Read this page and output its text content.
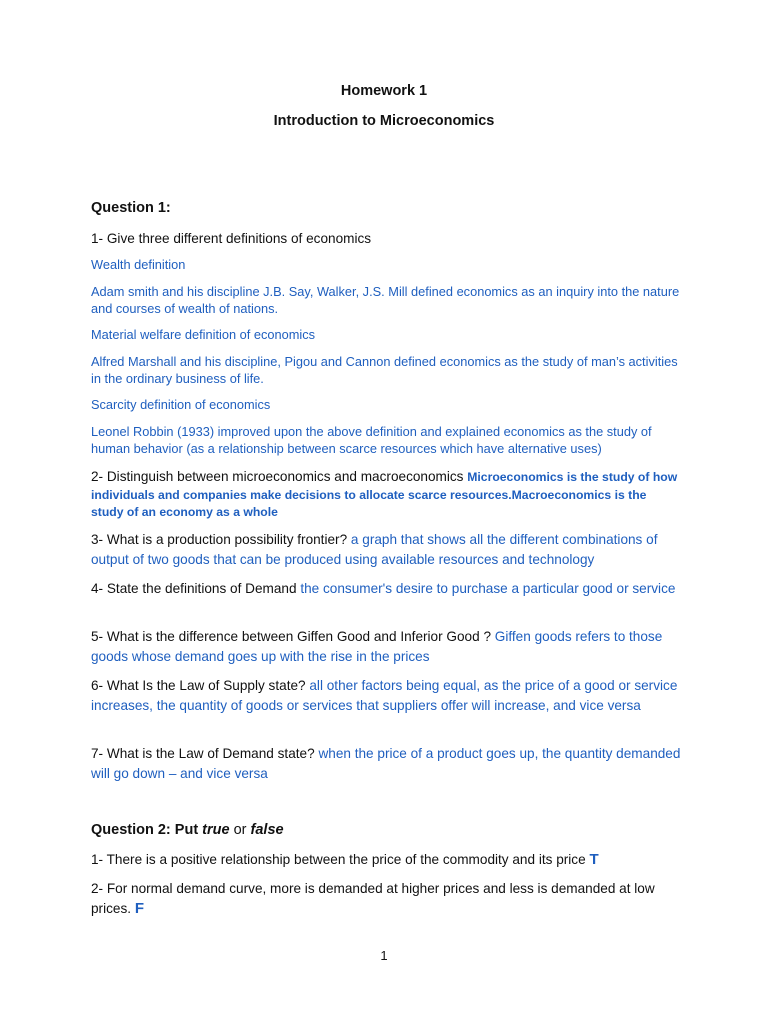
Homework 1
Introduction to Microeconomics
Question 1:
1- Give three different definitions of economics
Wealth definition
Adam smith and his discipline J.B. Say, Walker, J.S. Mill defined economics as an inquiry into the nature and courses of wealth of nations.
Material welfare definition of economics
Alfred Marshall and his discipline, Pigou and Cannon defined economics as the study of man’s activities in the ordinary business of life.
Scarcity definition of economics
Leonel Robbin (1933) improved upon the above definition and explained economics as the study of human behavior (as a relationship between scarce resources which have alternative uses)
2- Distinguish between microeconomics and macroeconomics Microeconomics is the study of how individuals and companies make decisions to allocate scarce resources.Macroeconomics is the study of an economy as a whole
3- What is a production possibility frontier? a graph that shows all the different combinations of output of two goods that can be produced using available resources and technology
4- State the definitions of Demand the consumer's desire to purchase a particular good or service
5- What is the difference between Giffen Good and Inferior Good ? Giffen goods refers to those goods whose demand goes up with the rise in the prices
6- What Is the Law of Supply state? all other factors being equal, as the price of a good or service increases, the quantity of goods or services that suppliers offer will increase, and vice versa
7- What is the Law of Demand state? when the price of a product goes up, the quantity demanded will go down – and vice versa
Question 2: Put true or false
1- There is a positive relationship between the price of the commodity and its price T
2- For normal demand curve, more is demanded at higher prices and less is demanded at low prices. F
1
